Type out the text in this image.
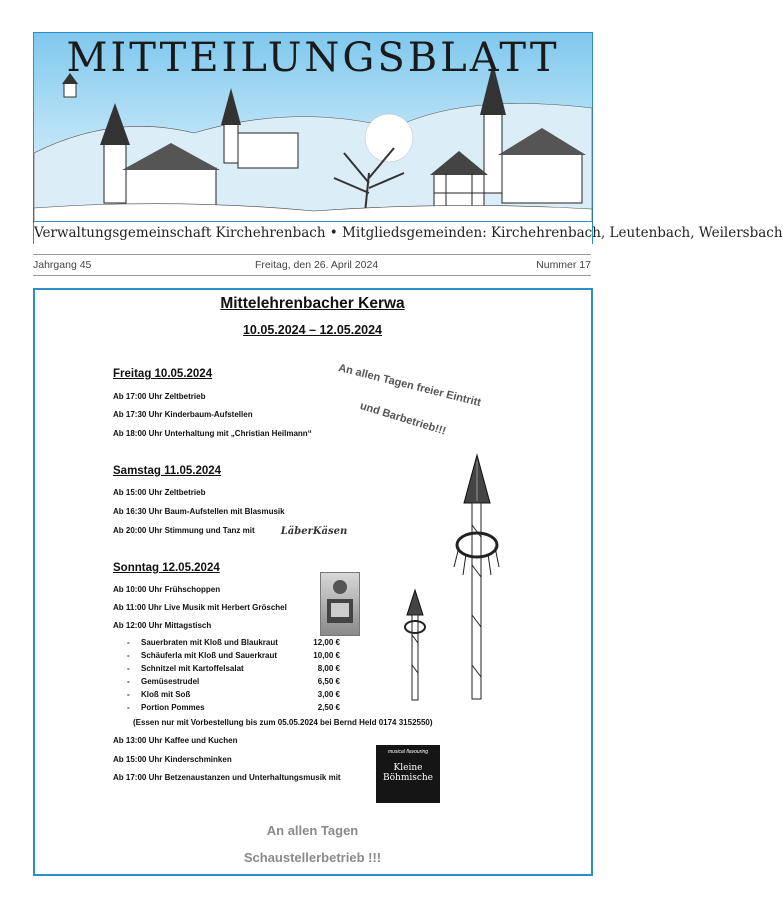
MITTEILUNGSBLATT
Verwaltungsgemeinschaft Kirchehrenbach • Mitgliedsgemeinden: Kirchehrenbach, Leutenbach, Weilersbach
Jahrgang 45	Freitag, den 26. April 2024	Nummer 17
Mittelehrenbacher Kerwa
10.05.2024 – 12.05.2024
An allen Tagen freier Eintritt
und Barbetrieb!!!
Freitag 10.05.2024
Ab 17:00 Uhr Zeltbetrieb
Ab 17:30 Uhr Kinderbaum-Aufstellen
Ab 18:00 Uhr Unterhaltung mit „Christian Heilmann“
Samstag 11.05.2024
Ab 15:00 Uhr Zeltbetrieb
Ab 16:30 Uhr Baum-Aufstellen mit Blasmusik
Ab 20:00 Uhr Stimmung und Tanz mit	LäberKäsen
Sonntag 12.05.2024
Ab 10:00 Uhr Frühschoppen
Ab 11:00 Uhr Live Musik mit Herbert Gröschel
Ab 12:00 Uhr Mittagstisch
- Sauerbraten mit Kloß und Blaukraut	12,00 €
- Schäuferla mit Kloß und Sauerkraut	10,00 €
- Schnitzel mit Kartoffelsalat	8,00 €
- Gemüsestrudel	6,50 €
- Kloß mit Soß	3,00 €
- Portion Pommes	2,50 €
(Essen nur mit Vorbestellung bis zum 05.05.2024 bei Bernd Held 0174 3152550)
Ab 13:00 Uhr Kaffee und Kuchen
Ab 15:00 Uhr Kinderschminken
Ab 17:00 Uhr Betzenaustanzen und Unterhaltungsmusik mit
musical flavouring
Kleine Böhmische
An allen Tagen
Schaustellerbetrieb !!!
